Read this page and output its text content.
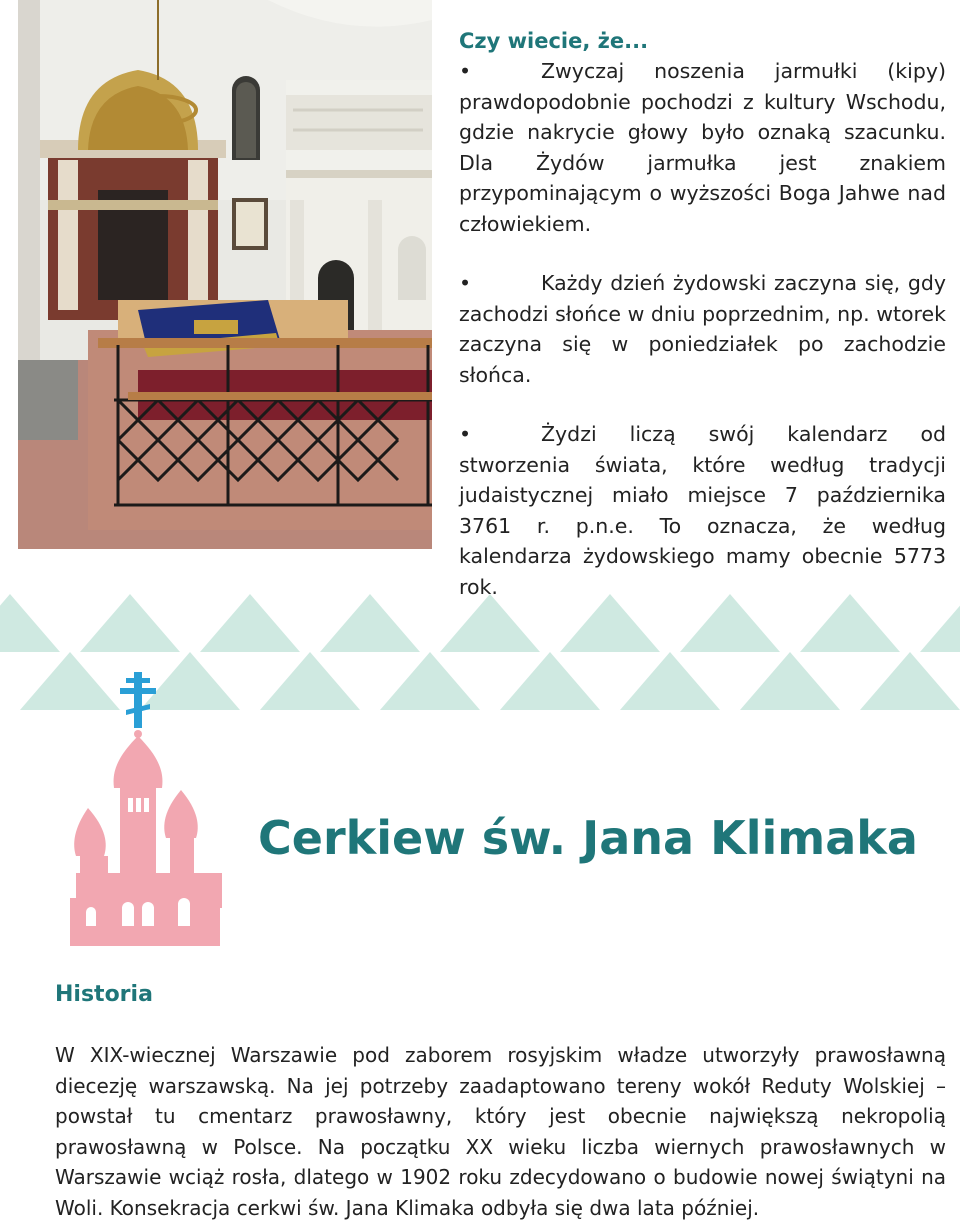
Czy wiecie, że...

•	Zwyczaj noszenia jarmułki (kipy) prawdopodobnie pochodzi z kultury Wschodu, gdzie nakrycie głowy było oznaką szacunku. Dla Żydów jarmułka jest znakiem przypominającym o wyższości Boga Jahwe nad człowiekiem.

•	Każdy dzień żydowski zaczyna się, gdy zachodzi słońce w dniu poprzednim, np. wtorek zaczyna się w poniedziałek po zachodzie słońca.

•	Żydzi liczą swój kalendarz od stworzenia świata, które według tradycji judaistycznej miało miejsce 7 października 3761 r. p.n.e. To oznacza, że według kalendarza żydowskiego mamy obecnie 5773 rok.

Cerkiew św. Jana Klimaka
Historia

W XIX-wiecznej Warszawie pod zaborem rosyjskim władze utworzyły prawosławną diecezję warszawską. Na jej potrzeby zaadaptowano tereny wokół Reduty Wolskiej –powstał tu cmentarz prawosławny, który jest obecnie największą nekropolią prawosławną w Polsce. Na początku XX wieku liczba wiernych prawosławnych w Warszawie wciąż rosła, dlatego w 1902 roku zdecydowano o budowie nowej świątyni na Woli. Konsekracja cerkwi św. Jana Klimaka odbyła się dwa lata później.
